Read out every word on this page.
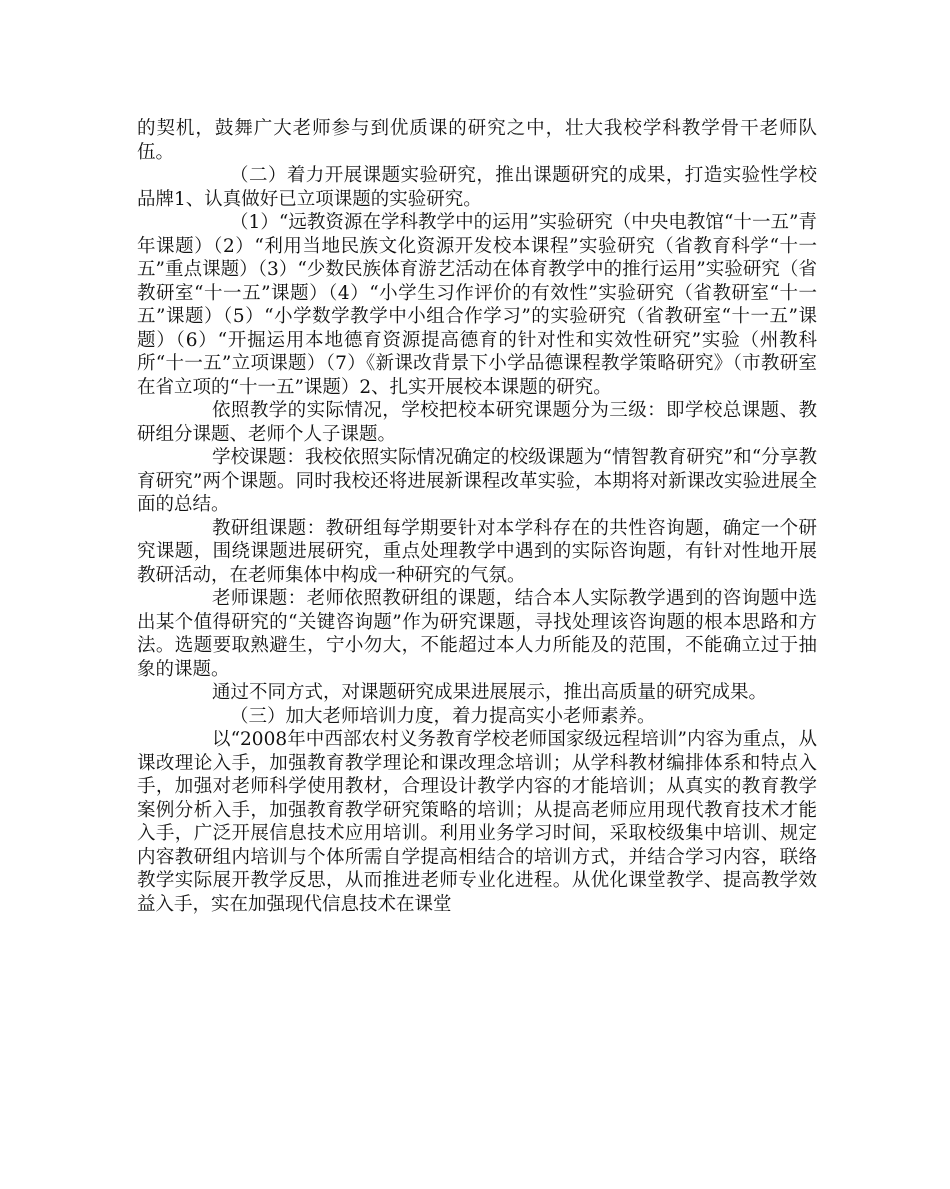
的契机，鼓舞广大老师参与到优质课的研究之中，壮大我校学科教学骨干老师队伍。

（二）着力开展课题实验研究，推出课题研究的成果，打造实验性学校品牌1、认真做好已立项课题的实验研究。

（1）“远教资源在学科教学中的运用”实验研究（中央电教馆“十一五”青年课题）（2）“利用当地民族文化资源开发校本课程”实验研究（省教育科学“十一五”重点课题）（3）“少数民族体育游艺活动在体育教学中的推行运用”实验研究（省教研室“十一五”课题）（4）“小学生习作评价的有效性”实验研究（省教研室“十一五”课题）（5）“小学数学教学中小组合作学习”的实验研究（省教研室“十一五”课题）（6）“开掘运用本地德育资源提高德育的针对性和实效性研究”实验（州教科所“十一五”立项课题）（7）《新课改背景下小学品德课程教学策略研究》（市教研室在省立项的“十一五”课题）2、扎实开展校本课题的研究。

依照教学的实际情况，学校把校本研究课题分为三级：即学校总课题、教研组分课题、老师个人子课题。

学校课题：我校依照实际情况确定的校级课题为“情智教育研究”和“分享教育研究”两个课题。同时我校还将进展新课程改革实验，本期将对新课改实验进展全面的总结。

教研组课题：教研组每学期要针对本学科存在的共性咨询题，确定一个研究课题，围绕课题进展研究，重点处理教学中遇到的实际咨询题，有针对性地开展教研活动，在老师集体中构成一种研究的气氛。

老师课题：老师依照教研组的课题，结合本人实际教学遇到的咨询题中选出某个值得研究的“关键咨询题”作为研究课题，寻找处理该咨询题的根本思路和方法。选题要取熟避生，宁小勿大，不能超过本人力所能及的范围，不能确立过于抽象的课题。

通过不同方式，对课题研究成果进展展示，推出高质量的研究成果。

（三）加大老师培训力度，着力提高实小老师素养。

以“2008年中西部农村义务教育学校老师国家级远程培训”内容为重点，从课改理论入手，加强教育教学理论和课改理念培训；从学科教材编排体系和特点入手，加强对老师科学使用教材，合理设计教学内容的才能培训；从真实的教育教学案例分析入手，加强教育教学研究策略的培训；从提高老师应用现代教育技术才能入手，广泛开展信息技术应用培训。利用业务学习时间，采取校级集中培训、规定内容教研组内培训与个体所需自学提高相结合的培训方式，并结合学习内容，联络教学实际展开教学反思，从而推进老师专业化进程。从优化课堂教学、提高教学效益入手，实在加强现代信息技术在课堂
